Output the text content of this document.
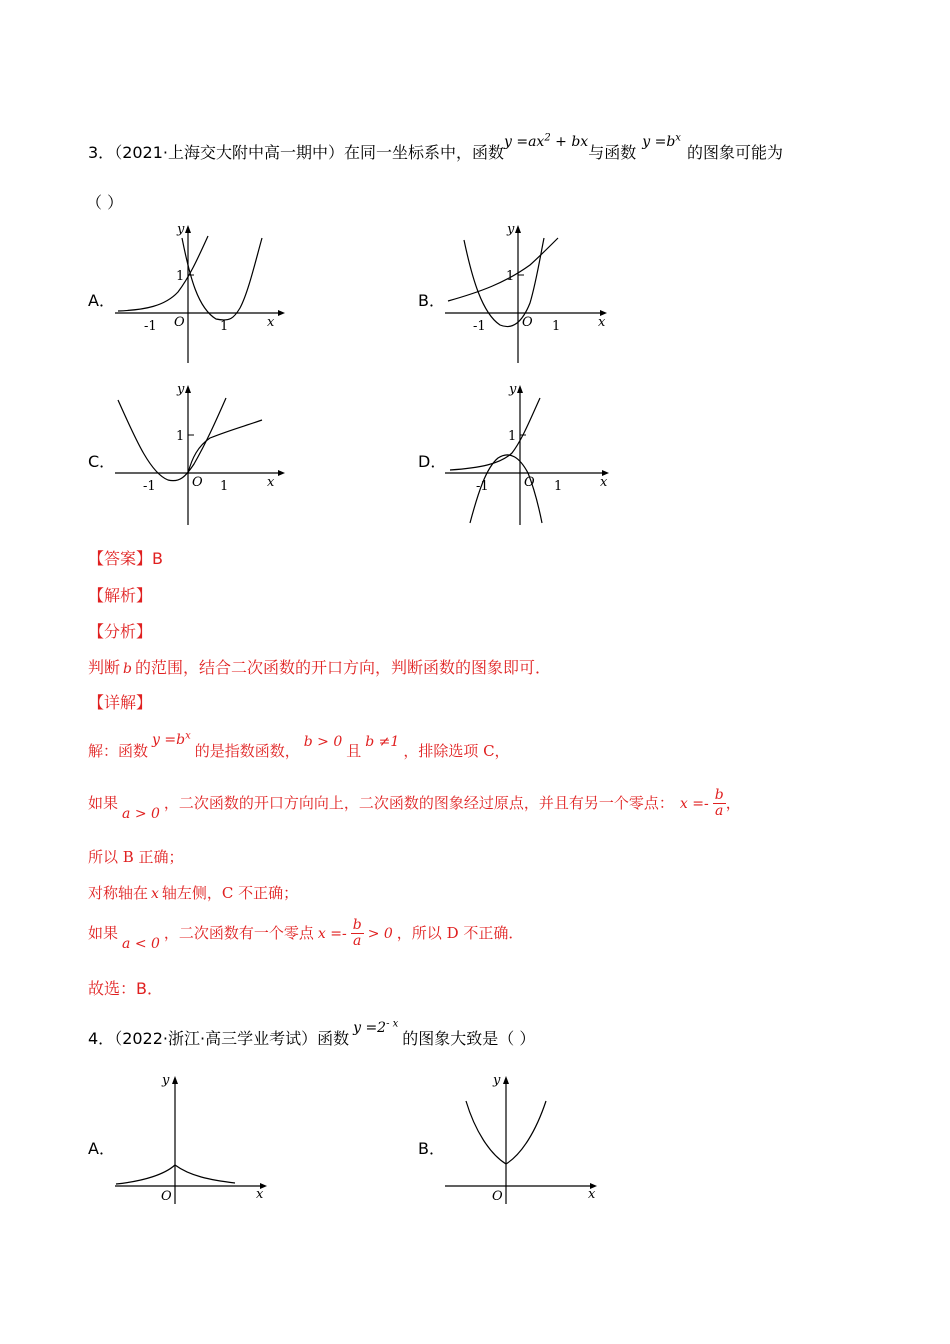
3．（2021·上海交大附中高一期中）在同一坐标系中，函数$y =ax^2$ + bx与函数$y =b^x$的图象可能为
（ ）
A．	B．
C．	D．
y
1
-1 O	1	x
y
1
-1	O 1	x
y
1
-1	O 1	x
y
1
-1	O 1	x
【答案】B
【解析】
【分析】
判断 b 的范围，结合二次函数的开口方向，判断函数的图象即可．
【详解】
解：函数$y =b^x$的是指数函数， b > 0 且 b ≠1 ，排除选项 C，
如果a > 0，二次函数的开口方向向上，二次函数的图象经过原点，并且有另一个零点： $x =- \frac{b}{a}$ ，
所以 B 正确；
对称轴在 x 轴左侧，C 不正确；
如果a < 0，二次函数有一个零点 $x =- \frac{b}{a} > 0$ ，所以 D 不正确．
故选：B．
4．（2022·浙江·高三学业考试）函数$y =2^{- x}$的图象大致是（ ）
A．	B．
y
O	x
y
O	x
